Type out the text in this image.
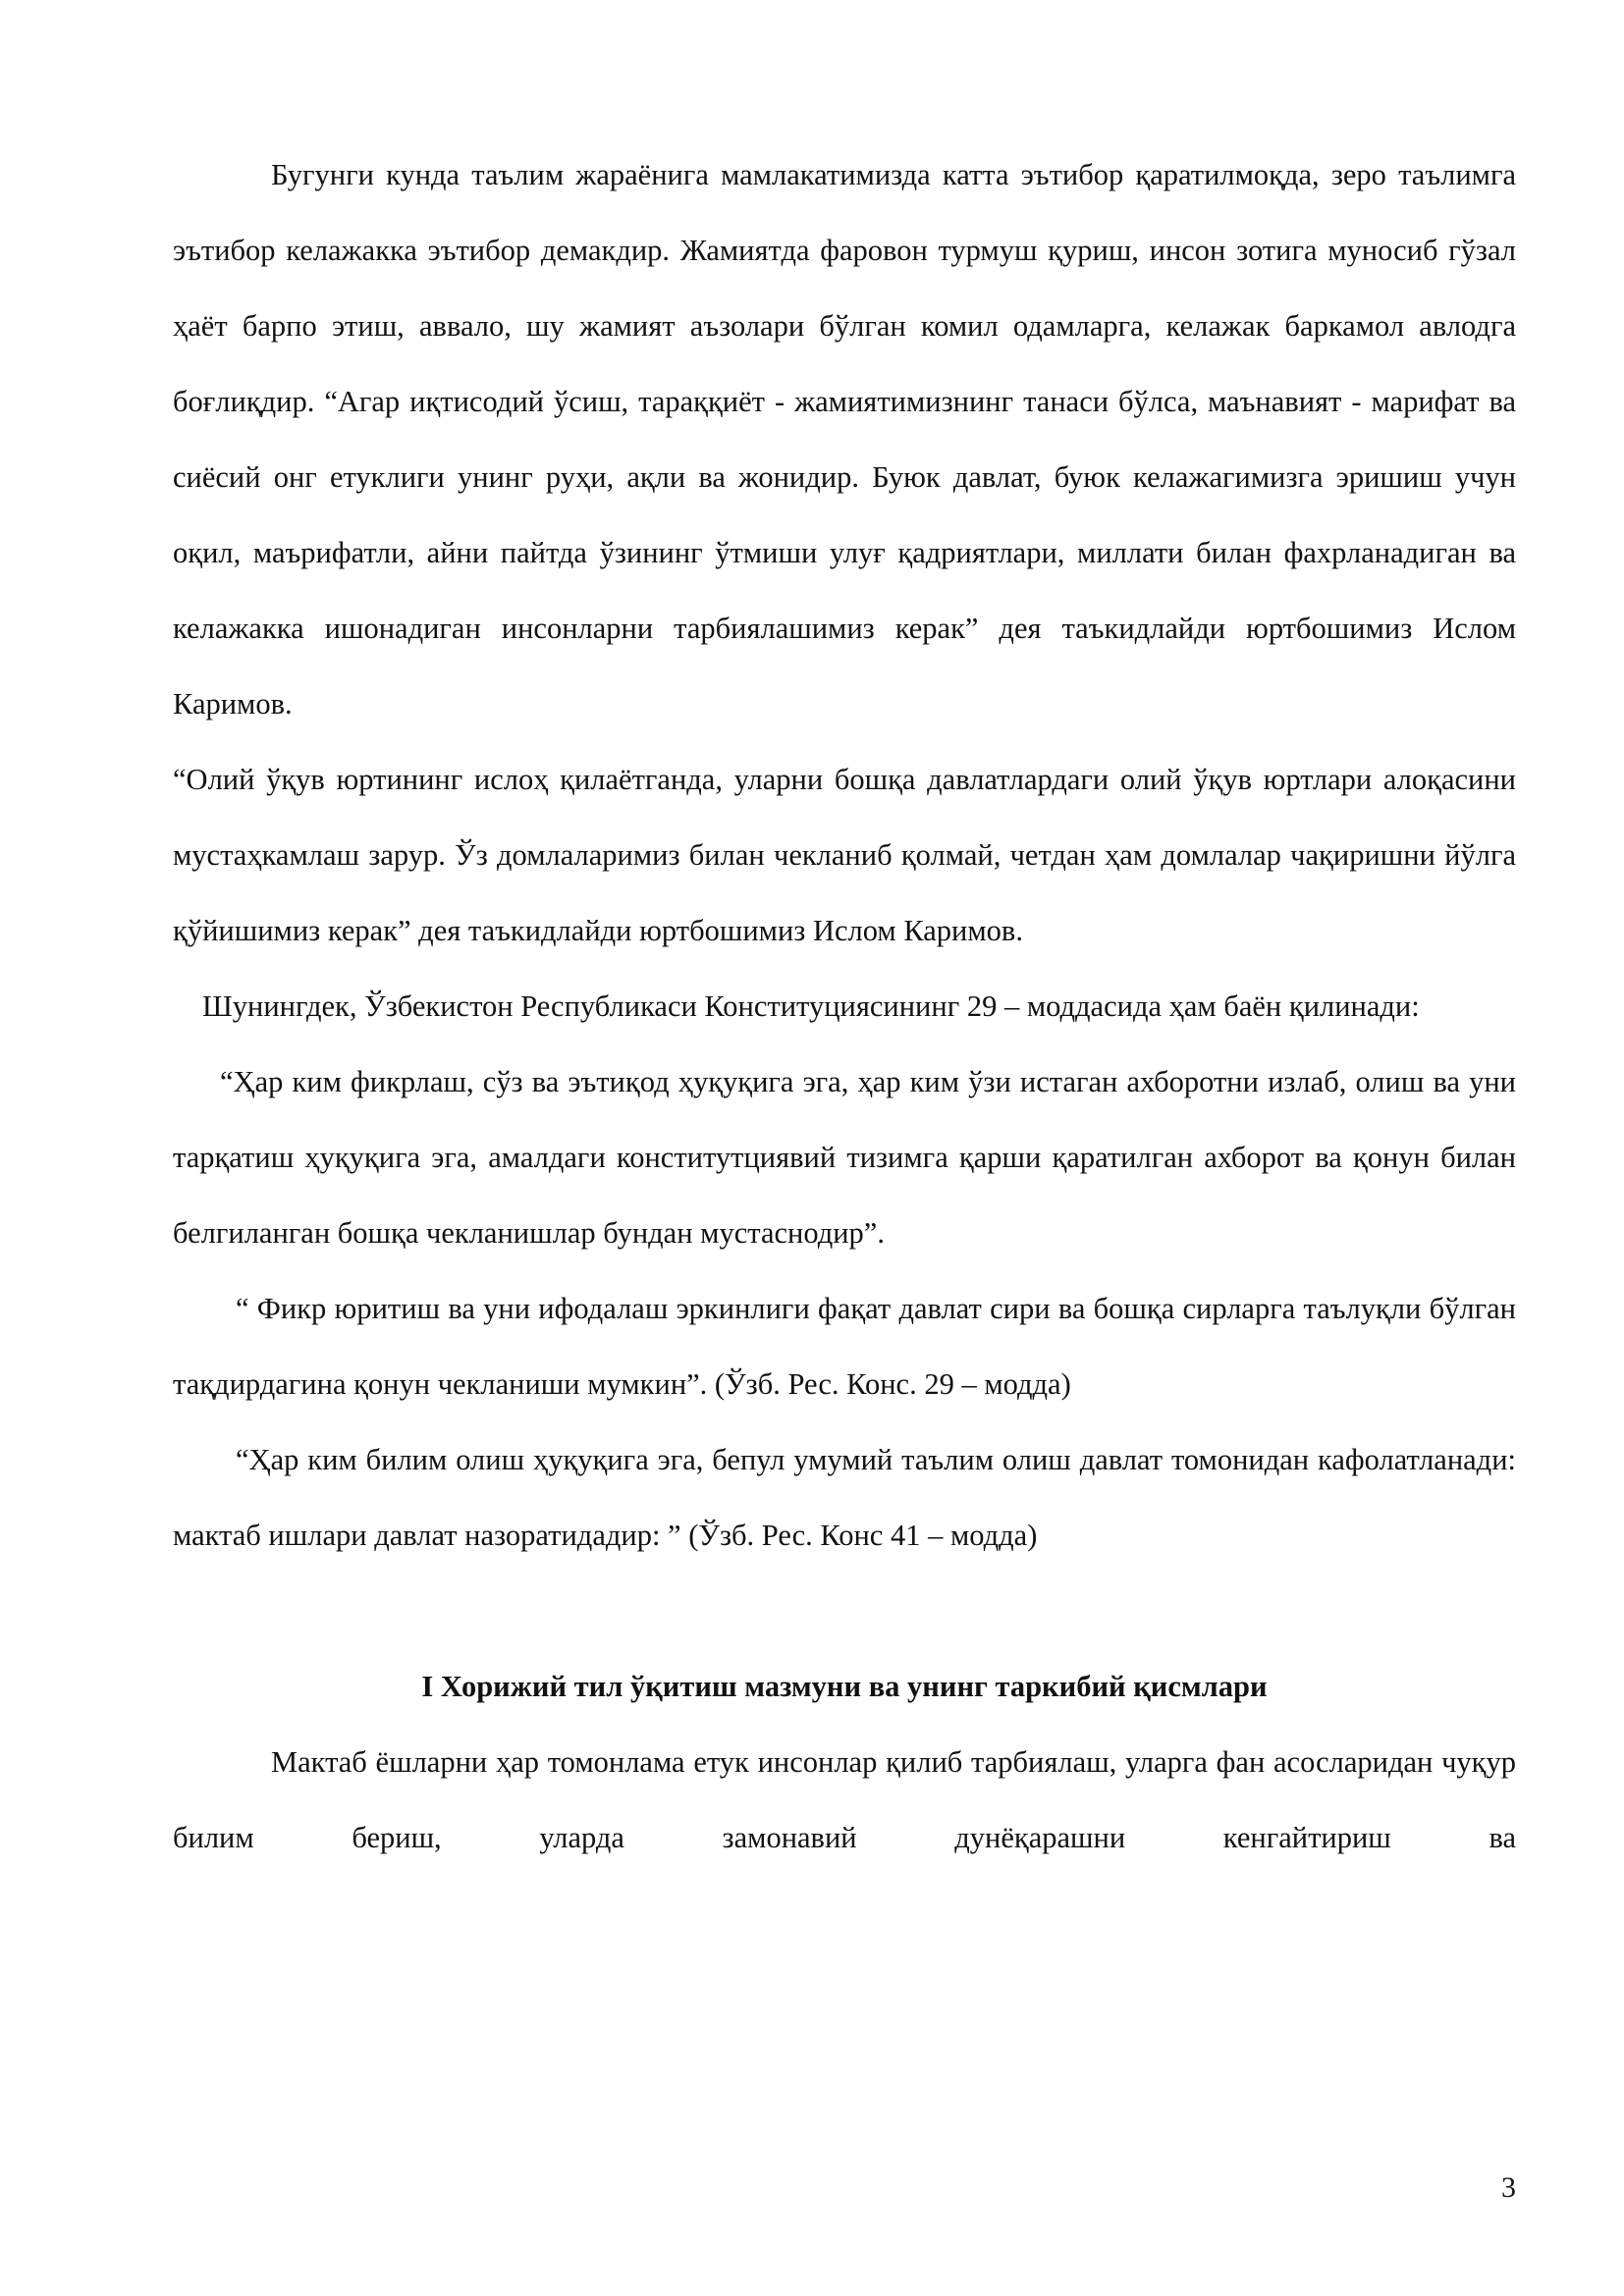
Бугунги кунда таълим жараёнига мамлакатимизда катта эътибор қаратилмоқда, зеро таълимга эътибор келажакка эътибор демакдир. Жамиятда фаровон турмуш қуриш, инсон зотига муносиб гўзал ҳаёт барпо этиш, аввало, шу жамият аъзолари бўлган комил одамларга, келажак баркамол авлодга боғлиқдир. “Агар иқтисодий ўсиш, тараққиёт - жамиятимизнинг танаси бўлса, маънавият - марифат ва сиёсий онг етуклиги унинг руҳи, ақли ва жонидир. Буюк давлат, буюк келажагимизга эришиш учун оқил, маърифатли, айни пайтда ўзининг ўтмиши улуғ қадриятлари, миллати билан фахрланадиган ва келажакка ишонадиган инсонларни тарбиялашимиз керак” дея таъкидлайди юртбошимиз Ислом Каримов.

“Олий ўқув юртининг ислоҳ қилаётганда, уларни бошқа давлатлардаги олий ўқув юртлари алоқасини мустаҳкамлаш зарур. Ўз домлаларимиз билан чекланиб қолмай, четдан ҳам домлалар чақиришни йўлга қўйишимиз керак” дея таъкидлайди юртбошимиз Ислом Каримов.

Шунингдек, Ўзбекистон Республикаси Конституциясининг 29 – моддасида ҳам баён қилинади:

“Ҳар ким фикрлаш, сўз ва эътиқод ҳуқуқига эга, ҳар ким ўзи истаган ахборотни излаб, олиш ва уни тарқатиш ҳуқуқига эга, амалдаги конститутциявий тизимга қарши қаратилган ахборот ва қонун билан белгиланган бошқа чекланишлар бундан мустаснодир”.

“ Фикр юритиш ва уни ифодалаш эркинлиги фақат давлат сири ва бошқа сирларга таълуқли бўлган тақдирдагина қонун чекланиши мумкин”. (Ўзб. Рес. Конс. 29 – модда)

“Ҳар ким билим олиш ҳуқуқига эга, бепул умумий таълим олиш давлат томонидан кафолатланади: мактаб ишлари давлат назоратидадир: ” (Ўзб. Рес. Конс 41 – модда)

I Хорижий тил ўқитиш мазмуни ва унинг таркибий қисмлари

Мактаб ёшларни ҳар томонлама етук инсонлар қилиб тарбиялаш, уларга фан асосларидан чуқур билим бериш, уларда замонавий дунёқарашни кенгайтириш ва

3
